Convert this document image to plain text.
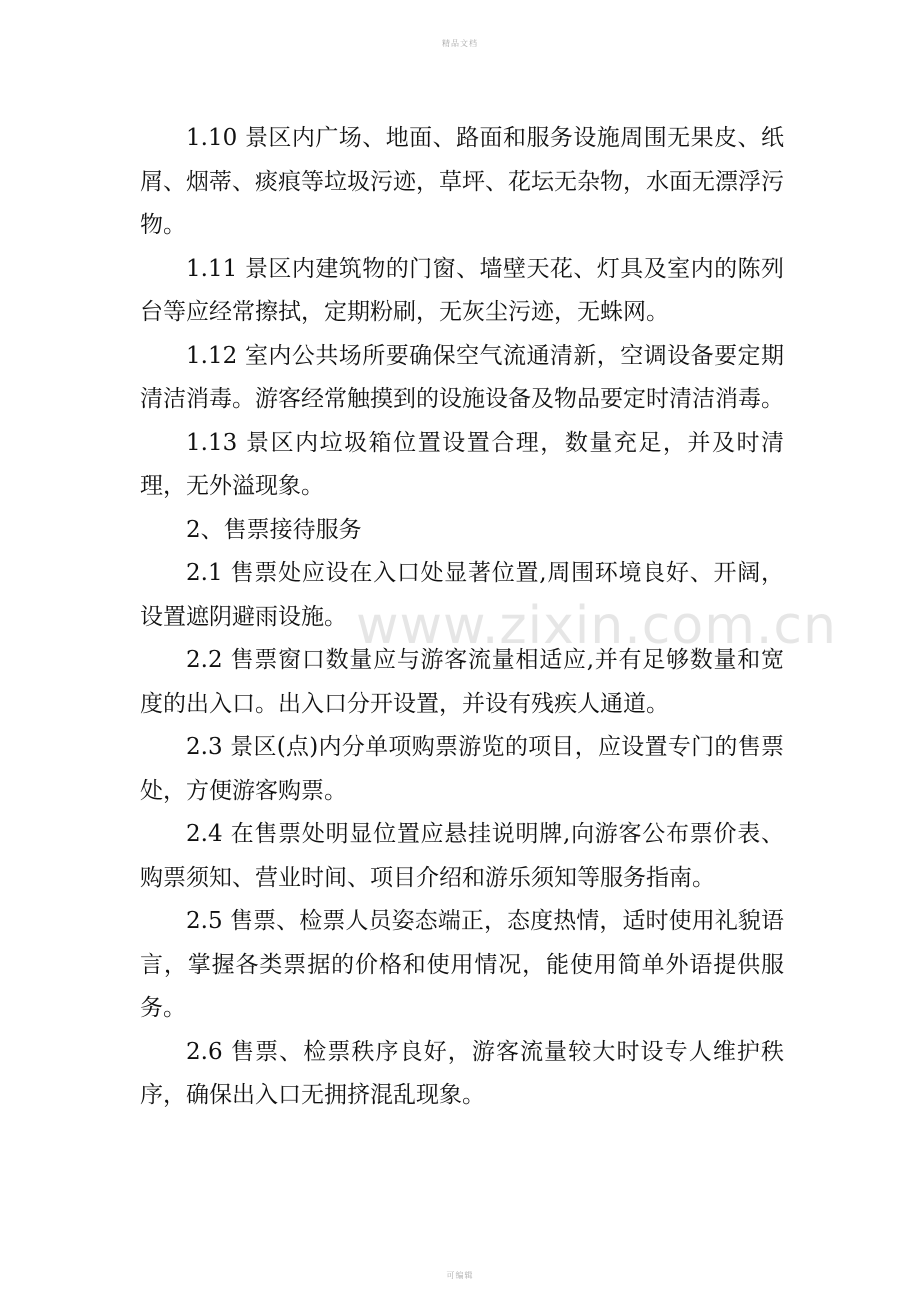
精品文档
www.zixin.com.cn

1.10 景区内广场、地面、路面和服务设施周围无果皮、纸屑、烟蒂、痰痕等垃圾污迹，草坪、花坛无杂物，水面无漂浮污物。

1.11 景区内建筑物的门窗、墙壁天花、灯具及室内的陈列台等应经常擦拭，定期粉刷，无灰尘污迹，无蛛网。

1.12 室内公共场所要确保空气流通清新，空调设备要定期清洁消毒。游客经常触摸到的设施设备及物品要定时清洁消毒。

1.13 景区内垃圾箱位置设置合理，数量充足，并及时清理，无外溢现象。

2、售票接待服务

2.1 售票处应设在入口处显著位置,周围环境良好、开阔，设置遮阴避雨设施。

2.2 售票窗口数量应与游客流量相适应,并有足够数量和宽度的出入口。出入口分开设置，并设有残疾人通道。

2.3 景区(点)内分单项购票游览的项目，应设置专门的售票处，方便游客购票。

2.4 在售票处明显位置应悬挂说明牌,向游客公布票价表、购票须知、营业时间、项目介绍和游乐须知等服务指南。

2.5 售票、检票人员姿态端正，态度热情，适时使用礼貌语言，掌握各类票据的价格和使用情况，能使用简单外语提供服务。

2.6 售票、检票秩序良好，游客流量较大时设专人维护秩序，确保出入口无拥挤混乱现象。

可编辑
